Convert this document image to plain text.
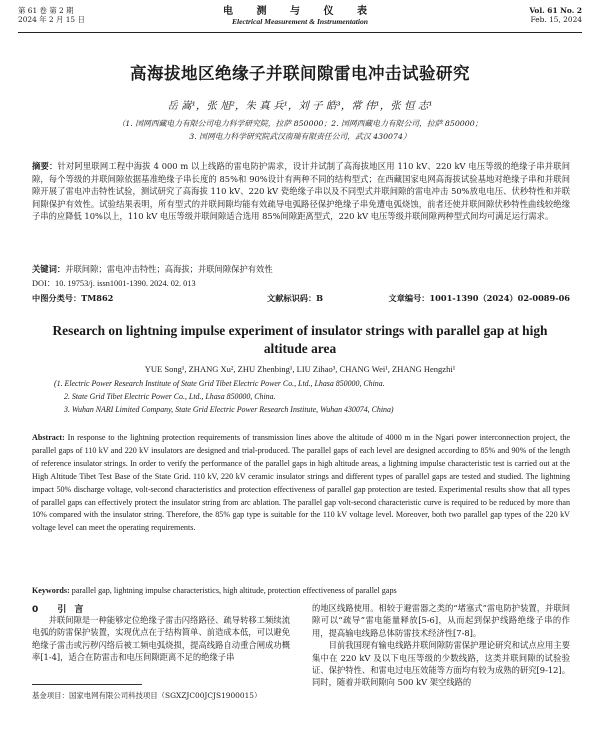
第 61 卷 第 2 期
2024 年 2 月 15 日
电 测 与 仪 表
Electrical Measurement & Instrumentation
Vol. 61 No. 2
Feb. 15, 2024
高海拔地区绝缘子并联间隙雷电冲击试验研究
岳 嵩¹，张 旭²，朱 真 兵¹，刘 子 皓³，常 伟¹，张 恒 志¹
（1. 国网西藏电力有限公司电力科学研究院，拉萨 850000；2. 国网西藏电力有限公司，拉萨 850000；
3. 国网电力科学研究院武汉南瑞有限责任公司，武汉 430074）
摘要：针对阿里联网工程中海拔 4 000 m 以上线路的雷电防护需求，设计并试制了高海拔地区用 110 kV、220 kV 电压等级的绝缘子串并联间隙，每个等级的并联间隙依据基准绝缘子串长度的 85%和 90%设计有两种不同的结构型式；在西藏国家电网高海拔试验基地对绝缘子串和并联间隙开展了雷电冲击特性试验，测试研究了高海拔 110 kV、220 kV 瓷绝缘子串以及不同型式并联间隙的雷电冲击 50%放电电压、伏秒特性和并联间隙保护有效性。试验结果表明，所有型式的并联间隙均能有效疏导电弧路径保护绝缘子串免遭电弧烧蚀，前者还使并联间隙伏秒特性曲线较绝缘子串的应降低 10%以上，110 kV 电压等级并联间隙适合选用 85%间隙距离型式，220 kV 电压等级并联间隙两种型式间均可满足运行需求。
关键词：并联间隙；雷电冲击特性；高海拔；并联间隙保护有效性
DOI：10. 19753/j. issn1001-1390. 2024. 02. 013
中图分类号：TM862	文献标识码：B	文章编号：1001-1390（2024）02-0089-06
Research on lightning impulse experiment of insulator strings with parallel gap at high altitude area
YUE Song¹, ZHANG Xu², ZHU Zhenbing¹, LIU Zihao³, CHANG Wei¹, ZHANG Hengzhi¹
(1. Electric Power Research Institute of State Grid Tibet Electric Power Co., Ltd., Lhasa 850000, China.
2. State Grid Tibet Electric Power Co., Ltd., Lhasa 850000, China.
3. Wuhan NARI Limited Company, State Grid Electric Power Research Institute, Wuhan 430074, China)
Abstract: In response to the lightning protection requirements of transmission lines above the altitude of 4000 m in the Ngari power interconnection project, the parallel gaps of 110 kV and 220 kV insulators are designed and trial-produced. The parallel gaps of each level are designed according to 85% and 90% of the length of reference insulator strings. In order to verify the performance of the parallel gaps in high altitude areas, a lightning impulse characteristic test is carried out at the High Altitude Tibet Test Base of the State Grid. 110 kV, 220 kV ceramic insulator strings and different types of parallel gaps are tested and studied. The lightning impact 50% discharge voltage, volt-second characteristics and protection effectiveness of parallel gap protection are tested. Experimental results show that all types of parallel gaps can effectively protect the insulator string from arc ablation. The parallel gap volt-second characteristic curve is required to be reduced by more than 10% compared with the insulator string. Therefore, the 85% gap type is suitable for the 110 kV voltage level. Moreover, both two parallel gap types of the 220 kV voltage level can meet the operating requirements.
Keywords: parallel gap, lightning impulse characteristics, high altitude, protection effectiveness of parallel gaps
0 引言
并联间隙是一种能够定位绝缘子雷击闪络路径、疏导转移工频续流电弧的防雷保护装置，实现优点在于结构简单、前造成本低，可以避免绝缘子雷击或污秽闪络后被工频电弧烧损，提高线路自动重合闸成功概率[1-4]，适合在防雷击和电压间隙距离不足的绝缘子串
的地区线路使用。相较于避雷器之类的“堵塞式”雷电防护装置，并联间隙可以“疏导”雷电能量释放[5-6]，从而起到保护线路绝缘子串的作用，提高输电线路总体防雷技术经济性[7-8]。
目前我国现有输电线路并联间隙防雷保护理论研究和试点应用主要集中在 220 kV 及以下电压等级的少数线路，这类并联间隙的试验验证、保护特性、和雷电过电压效能等方面均有较为成熟的研究[9-12]。同时，随着并联间隙向 500 kV 架空线路的
基金项目：国家电网有限公司科技项目（SGXZJC00JCJS1900015）
